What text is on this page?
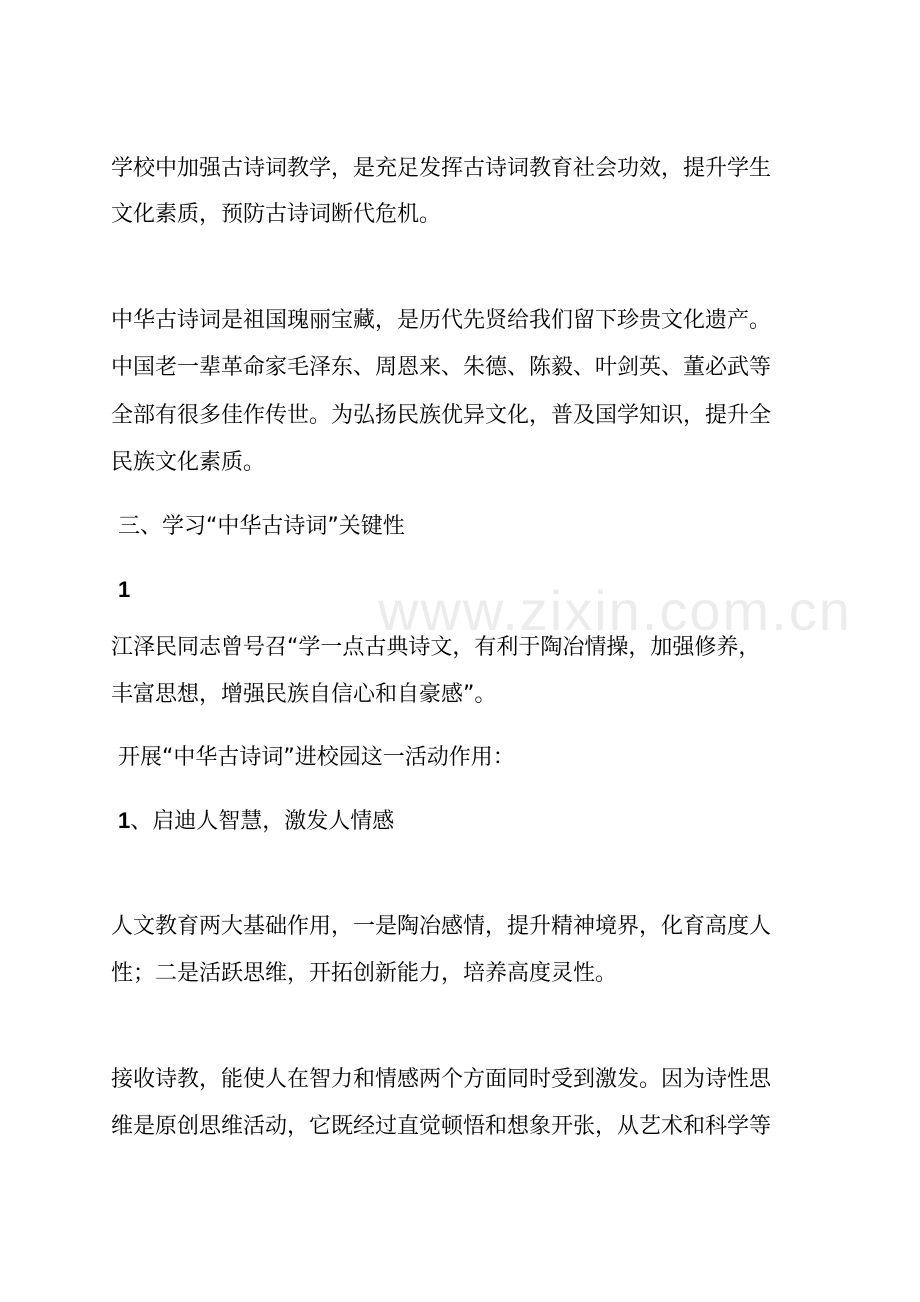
www.zixin.com.cn
学校中加强古诗词教学，是充足发挥古诗词教育社会功效，提升学生
文化素质，预防古诗词断代危机。
中华古诗词是祖国瑰丽宝藏，是历代先贤给我们留下珍贵文化遗产。
中国老一辈革命家毛泽东、周恩来、朱德、陈毅、叶剑英、董必武等
全部有很多佳作传世。为弘扬民族优异文化，普及国学知识，提升全
民族文化素质。
三、学习“中华古诗词”关键性
1
江泽民同志曾号召“学一点古典诗文，有利于陶冶情操，加强修养，
丰富思想，增强民族自信心和自豪感”。
开展“中华古诗词”进校园这一活动作用：
1、启迪人智慧，激发人情感
人文教育两大基础作用，一是陶冶感情，提升精神境界，化育高度人
性；二是活跃思维，开拓创新能力，培养高度灵性。
接收诗教，能使人在智力和情感两个方面同时受到激发。因为诗性思
维是原创思维活动，它既经过直觉顿悟和想象开张，从艺术和科学等
